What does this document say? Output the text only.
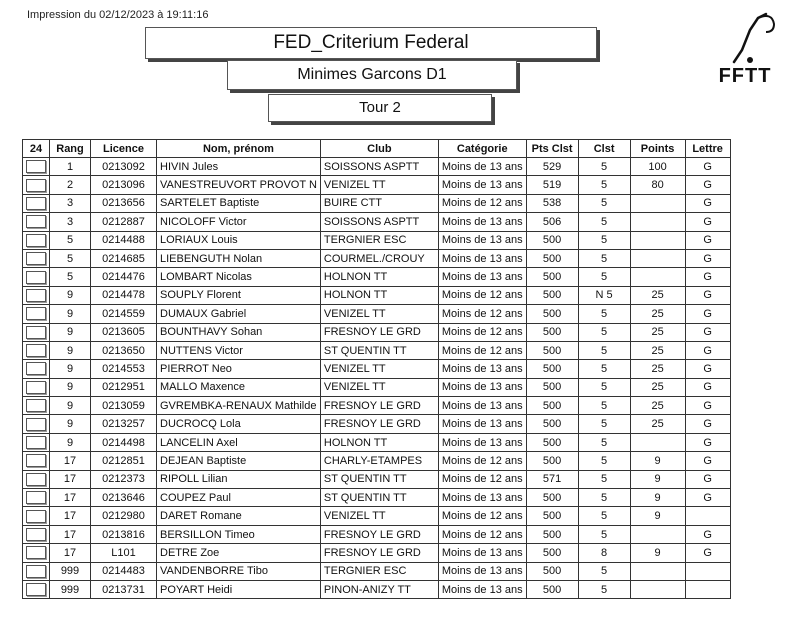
Impression du 02/12/2023 à 19:11:16
FED_Criterium Federal
Minimes Garcons D1
Tour 2
FFTT
24	Rang	Licence	Nom, prénom	Club	Catégorie	Pts Clst	Clst	Points	Lettre

	1	0213092	HIVIN Jules	SOISSONS ASPTT	Moins de 13 ans	529	5	100	G

	2	0213096	VANESTREUVORT PROVOT N	VENIZEL TT	Moins de 13 ans	519	5	80	G

	3	0213656	SARTELET Baptiste	BUIRE CTT	Moins de 12 ans	538	5		G

	3	0212887	NICOLOFF Victor	SOISSONS ASPTT	Moins de 13 ans	506	5		G

	5	0214488	LORIAUX Louis	TERGNIER ESC	Moins de 13 ans	500	5		G

	5	0214685	LIEBENGUTH Nolan	COURMEL./CROUY	Moins de 13 ans	500	5		G

	5	0214476	LOMBART Nicolas	HOLNON TT	Moins de 13 ans	500	5		G

	9	0214478	SOUPLY Florent	HOLNON TT	Moins de 12 ans	500	N 5	25	G

	9	0214559	DUMAUX Gabriel	VENIZEL TT	Moins de 12 ans	500	5	25	G

	9	0213605	BOUNTHAVY Sohan	FRESNOY LE GRD	Moins de 12 ans	500	5	25	G

	9	0213650	NUTTENS Victor	ST QUENTIN TT	Moins de 12 ans	500	5	25	G

	9	0214553	PIERROT Neo	VENIZEL TT	Moins de 13 ans	500	5	25	G

	9	0212951	MALLO Maxence	VENIZEL TT	Moins de 13 ans	500	5	25	G

	9	0213059	GVREMBKA-RENAUX Mathilde	FRESNOY LE GRD	Moins de 13 ans	500	5	25	G

	9	0213257	DUCROCQ Lola	FRESNOY LE GRD	Moins de 13 ans	500	5	25	G

	9	0214498	LANCELIN Axel	HOLNON TT	Moins de 13 ans	500	5		G

	17	0212851	DEJEAN Baptiste	CHARLY-ETAMPES	Moins de 12 ans	500	5	9	G

	17	0212373	RIPOLL Lilian	ST QUENTIN TT	Moins de 12 ans	571	5	9	G

	17	0213646	COUPEZ Paul	ST QUENTIN TT	Moins de 13 ans	500	5	9	G

	17	0212980	DARET Romane	VENIZEL TT	Moins de 12 ans	500	5	9	

	17	0213816	BERSILLON Timeo	FRESNOY LE GRD	Moins de 12 ans	500	5		G

	17	L101	DETRE Zoe	FRESNOY LE GRD	Moins de 13 ans	500	8	9	G

	999	0214483	VANDENBORRE Tibo	TERGNIER ESC	Moins de 13 ans	500	5		

	999	0213731	POYART Heidi	PINON-ANIZY TT	Moins de 13 ans	500	5		
